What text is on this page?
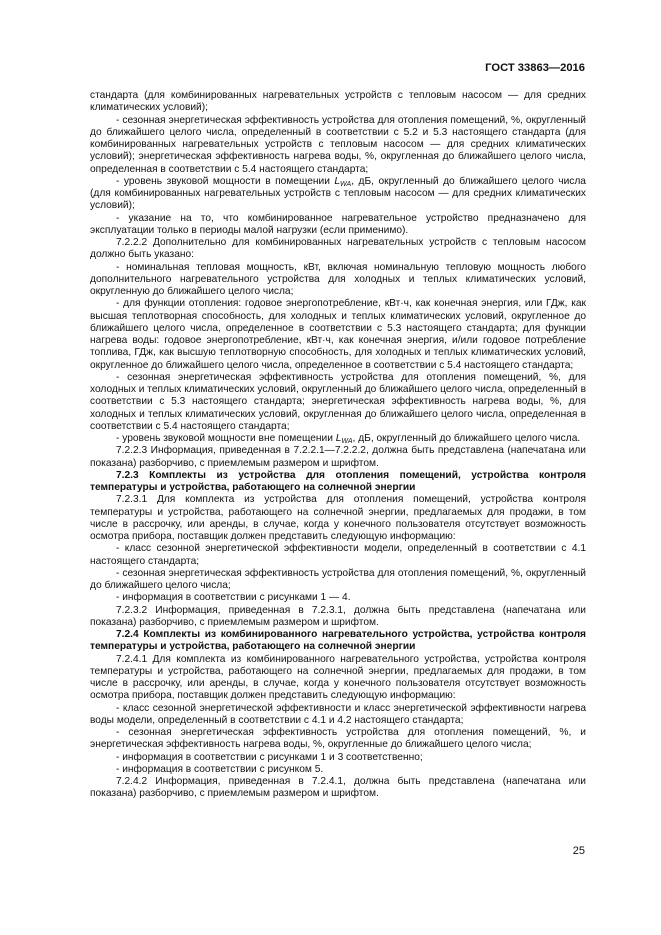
ГОСТ 33863—2016

стандарта (для комбинированных нагревательных устройств с тепловым насосом — для средних климатических условий);

- сезонная энергетическая эффективность устройства для отопления помещений, %, округленный до ближайшего целого числа, определенный в соответствии с 5.2 и 5.3 настоящего стандарта (для комбинированных нагревательных устройств с тепловым насосом — для средних климатических условий); энергетическая эффективность нагрева воды, %, округленная до ближайшего целого числа, определенная в соответствии с 5.4 настоящего стандарта;

- уровень звуковой мощности в помещении $L_{WA}$, дБ, округленный до ближайшего целого числа (для комбинированных нагревательных устройств с тепловым насосом — для средних климатических условий);

- указание на то, что комбинированное нагревательное устройство предназначено для эксплуатации только в периоды малой нагрузки (если применимо).

7.2.2.2 Дополнительно для комбинированных нагревательных устройств с тепловым насосом должно быть указано:

- номинальная тепловая мощность, кВт, включая номинальную тепловую мощность любого дополнительного нагревательного устройства для холодных и теплых климатических условий, округленную до ближайшего целого числа;

- для функции отопления: годовое энергопотребление, кВт·ч, как конечная энергия, или ГДж, как высшая теплотворная способность, для холодных и теплых климатических условий, округленное до ближайшего целого числа, определенное в соответствии с 5.3 настоящего стандарта; для функции нагрева воды: годовое энергопотребление, кВт·ч, как конечная энергия, и/или годовое потребление топлива, ГДж, как высшую теплотворную способность, для холодных и теплых климатических условий, округленное до ближайшего целого числа, определенное в соответствии с 5.4 настоящего стандарта;

- сезонная энергетическая эффективность устройства для отопления помещений, %, для холодных и теплых климатических условий, округленный до ближайшего целого числа, определенный в соответствии с 5.3 настоящего стандарта; энергетическая эффективность нагрева воды, %, для холодных и теплых климатических условий, округленная до ближайшего целого числа, определенная в соответствии с 5.4 настоящего стандарта;

- уровень звуковой мощности вне помещении $L_{WA}$, дБ, округленный до ближайшего целого числа.

7.2.2.3 Информация, приведенная в 7.2.2.1—7.2.2.2, должна быть представлена (напечатана или показана) разборчиво, с приемлемым размером и шрифтом.

7.2.3 Комплекты из устройства для отопления помещений, устройства контроля температуры и устройства, работающего на солнечной энергии

7.2.3.1 Для комплекта из устройства для отопления помещений, устройства контроля температуры и устройства, работающего на солнечной энергии, предлагаемых для продажи, в том числе в рассрочку, или аренды, в случае, когда у конечного пользователя отсутствует возможность осмотра прибора, поставщик должен представить следующую информацию:

- класс сезонной энергетической эффективности модели, определенный в соответствии с 4.1 настоящего стандарта;

- сезонная энергетическая эффективность устройства для отопления помещений, %, округленный до ближайшего целого числа;

- информация в соответствии с рисунками 1 — 4.

7.2.3.2 Информация, приведенная в 7.2.3.1, должна быть представлена (напечатана или показана) разборчиво, с приемлемым размером и шрифтом.

7.2.4 Комплекты из комбинированного нагревательного устройства, устройства контроля температуры и устройства, работающего на солнечной энергии

7.2.4.1 Для комплекта из комбинированного нагревательного устройства, устройства контроля температуры и устройства, работающего на солнечной энергии, предлагаемых для продажи, в том числе в рассрочку, или аренды, в случае, когда у конечного пользователя отсутствует возможность осмотра прибора, поставщик должен представить следующую информацию:

- класс сезонной энергетической эффективности и класс энергетической эффективности нагрева воды модели, определенный в соответствии с 4.1 и 4.2 настоящего стандарта;

- сезонная энергетическая эффективность устройства для отопления помещений, %, и энергетическая эффективность нагрева воды, %, округленные до ближайшего целого числа;

- информация в соответствии с рисунками 1 и 3 соответственно;

- информация в соответствии с рисунком 5.

7.2.4.2 Информация, приведенная в 7.2.4.1, должна быть представлена (напечатана или показана) разборчиво, с приемлемым размером и шрифтом.

25
